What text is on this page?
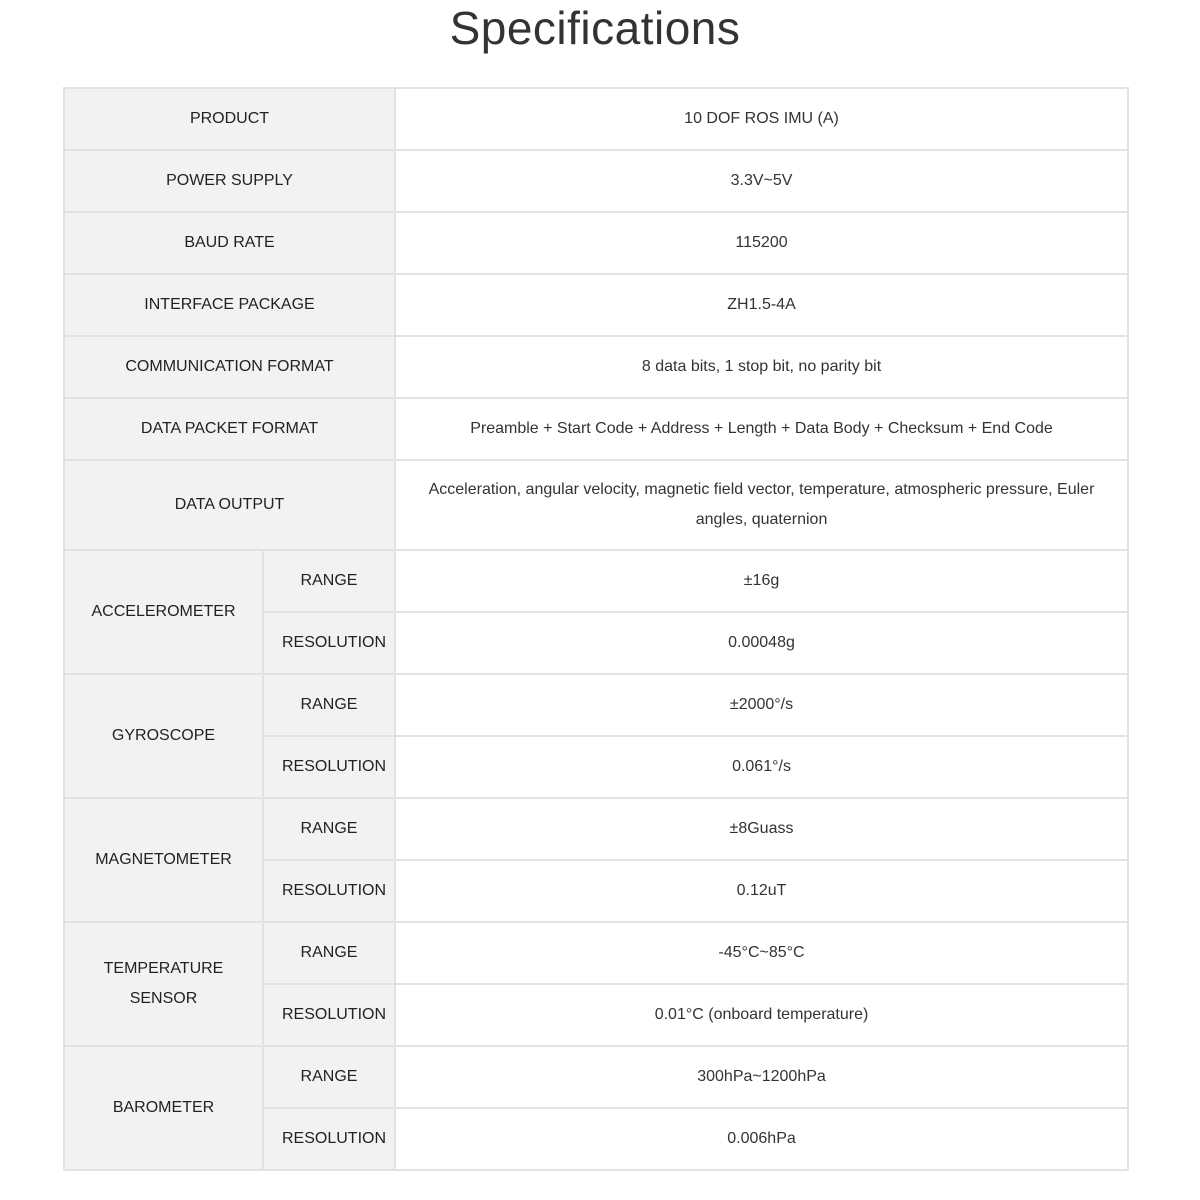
Specifications
PRODUCT		10 DOF ROS IMU (A)
POWER SUPPLY		3.3V~5V
BAUD RATE		115200
INTERFACE PACKAGE		ZH1.5-4A
COMMUNICATION FORMAT		8 data bits, 1 stop bit, no parity bit
DATA PACKET FORMAT		Preamble + Start Code + Address + Length + Data Body + Checksum + End Code
DATA OUTPUT		Acceleration, angular velocity, magnetic field vector, temperature, atmospheric pressure, Euler angles, quaternion
ACCELEROMETER	RANGE	±16g
	RESOLUTION	0.00048g
GYROSCOPE	RANGE	±2000°/s
	RESOLUTION	0.061°/s
MAGNETOMETER	RANGE	±8Guass
	RESOLUTION	0.12uT
TEMPERATURE SENSOR	RANGE	-45°C~85°C
	RESOLUTION	0.01°C (onboard temperature)
BAROMETER	RANGE	300hPa~1200hPa
	RESOLUTION	0.006hPa
